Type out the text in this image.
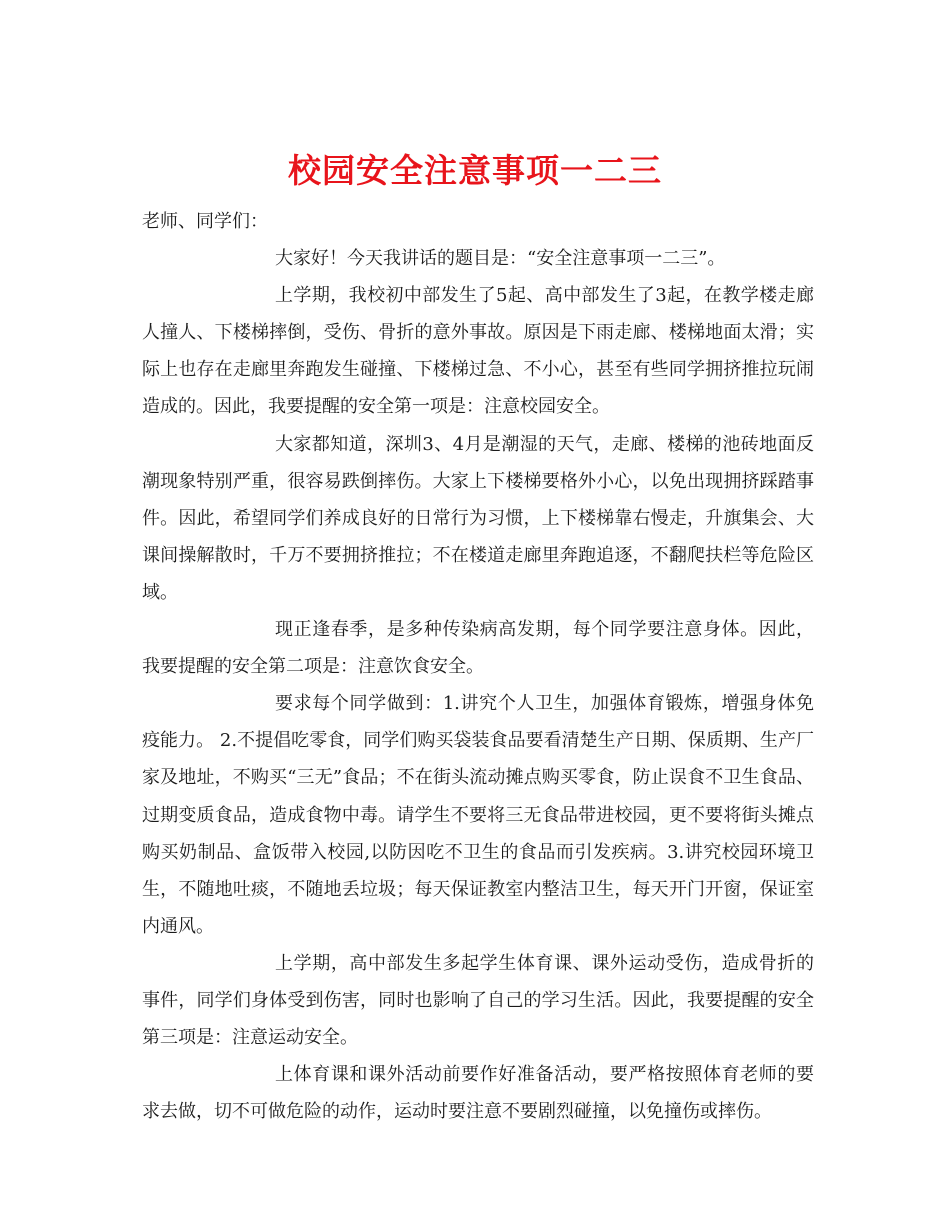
校园安全注意事项一二三

老师、同学们：

大家好！今天我讲话的题目是：“安全注意事项一二三”。

上学期，我校初中部发生了5起、高中部发生了3起，在教学楼走廊人撞人、下楼梯摔倒，受伤、骨折的意外事故。原因是下雨走廊、楼梯地面太滑；实际上也存在走廊里奔跑发生碰撞、下楼梯过急、不小心，甚至有些同学拥挤推拉玩闹造成的。因此，我要提醒的安全第一项是：注意校园安全。

大家都知道，深圳3、4月是潮湿的天气，走廊、楼梯的池砖地面反潮现象特别严重，很容易跌倒摔伤。大家上下楼梯要格外小心，以免出现拥挤踩踏事件。因此，希望同学们养成良好的日常行为习惯，上下楼梯靠右慢走，升旗集会、大课间操解散时，千万不要拥挤推拉；不在楼道走廊里奔跑追逐，不翻爬扶栏等危险区域。

现正逢春季，是多种传染病高发期，每个同学要注意身体。因此，我要提醒的安全第二项是：注意饮食安全。

要求每个同学做到：1.讲究个人卫生，加强体育锻炼，增强身体免疫能力。 2.不提倡吃零食，同学们购买袋装食品要看清楚生产日期、保质期、生产厂家及地址，不购买“三无”食品；不在街头流动摊点购买零食，防止误食不卫生食品、过期变质食品，造成食物中毒。请学生不要将三无食品带进校园，更不要将街头摊点购买奶制品、盒饭带入校园,以防因吃不卫生的食品而引发疾病。3.讲究校园环境卫生，不随地吐痰，不随地丢垃圾；每天保证教室内整洁卫生，每天开门开窗，保证室内通风。

上学期，高中部发生多起学生体育课、课外运动受伤，造成骨折的事件，同学们身体受到伤害，同时也影响了自己的学习生活。因此，我要提醒的安全第三项是：注意运动安全。

上体育课和课外活动前要作好准备活动，要严格按照体育老师的要求去做，切不可做危险的动作，运动时要注意不要剧烈碰撞，以免撞伤或摔伤。
